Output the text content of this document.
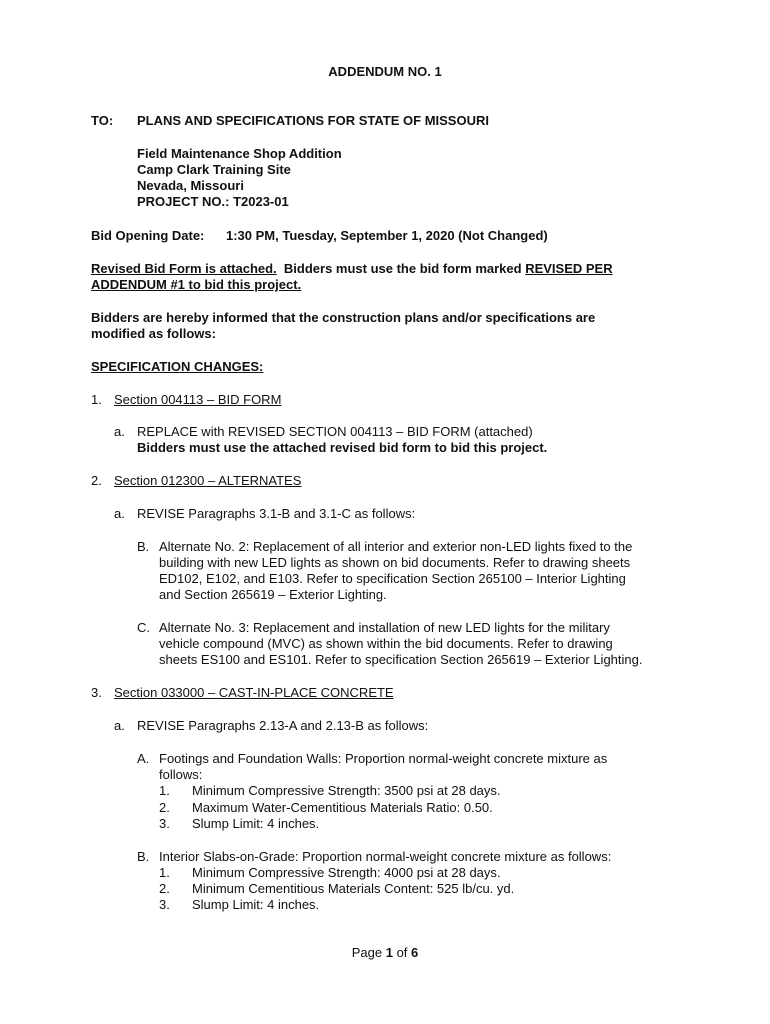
ADDENDUM NO. 1

TO: PLANS AND SPECIFICATIONS FOR STATE OF MISSOURI

Field Maintenance Shop Addition

Camp Clark Training Site

Nevada, Missouri

PROJECT NO.: T2023-01

Bid Opening Date: 1:30 PM, Tuesday, September 1, 2020 (Not Changed)

Revised Bid Form is attached. Bidders must use the bid form marked REVISED PER

ADDENDUM #1 to bid this project.

Bidders are hereby informed that the construction plans and/or specifications are

modified as follows:

SPECIFICATION CHANGES:

1. Section 004113 – BID FORM

a. REPLACE with REVISED SECTION 004113 – BID FORM (attached)

Bidders must use the attached revised bid form to bid this project.

2. Section 012300 – ALTERNATES

a. REVISE Paragraphs 3.1-B and 3.1-C as follows:

B. Alternate No. 2: Replacement of all interior and exterior non-LED lights fixed to the

building with new LED lights as shown on bid documents. Refer to drawing sheets

ED102, E102, and E103. Refer to specification Section 265100 – Interior Lighting

and Section 265619 – Exterior Lighting.

C. Alternate No. 3: Replacement and installation of new LED lights for the military

vehicle compound (MVC) as shown within the bid documents. Refer to drawing

sheets ES100 and ES101. Refer to specification Section 265619 – Exterior Lighting.

3. Section 033000 – CAST-IN-PLACE CONCRETE

a. REVISE Paragraphs 2.13-A and 2.13-B as follows:

A. Footings and Foundation Walls: Proportion normal-weight concrete mixture as

follows:

1. Minimum Compressive Strength: 3500 psi at 28 days.

2. Maximum Water-Cementitious Materials Ratio: 0.50.

3. Slump Limit: 4 inches.

B. Interior Slabs-on-Grade: Proportion normal-weight concrete mixture as follows:

1. Minimum Compressive Strength: 4000 psi at 28 days.

2. Minimum Cementitious Materials Content: 525 lb/cu. yd.

3. Slump Limit: 4 inches.

Page 1 of 6
